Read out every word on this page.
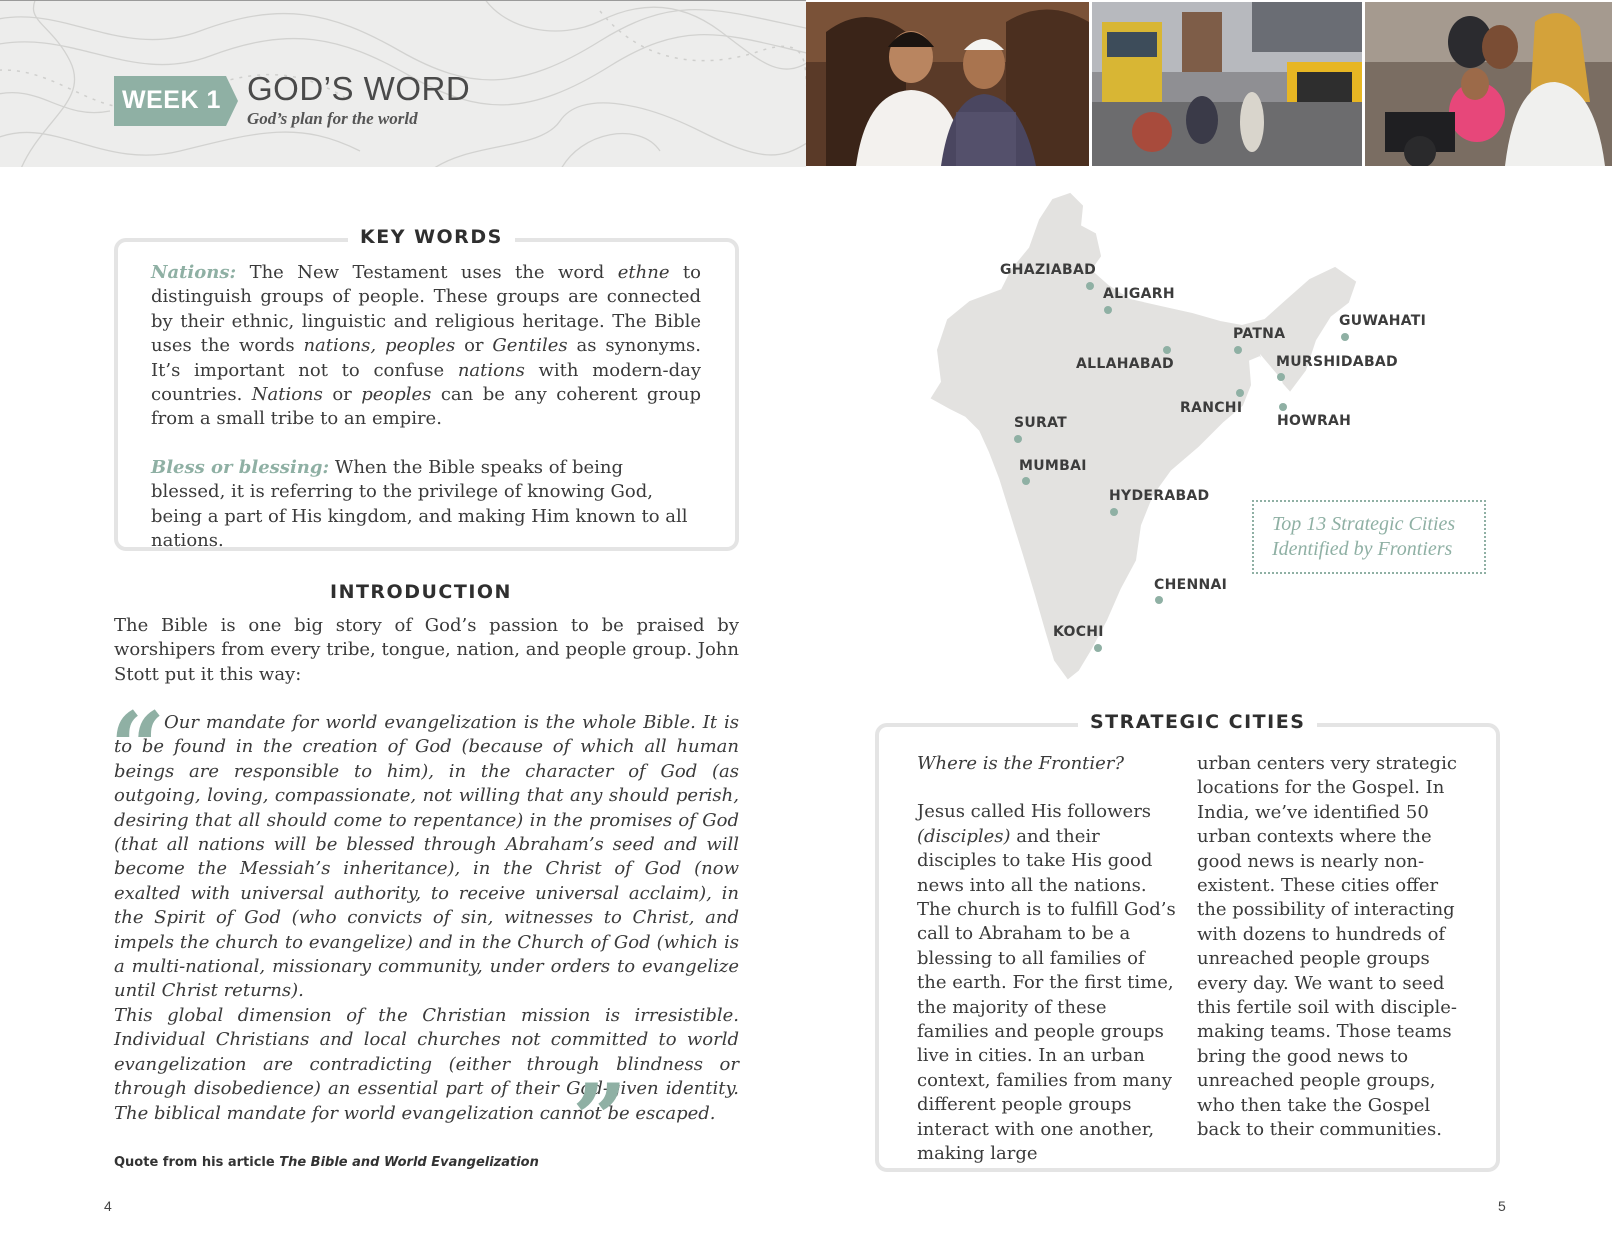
WEEK 1 GOD’S WORD
God’s plan for the world
KEY WORDS
Nations: The New Testament uses the word ethne to distinguish groups of people. These groups are connected by their ethnic, linguistic and religious heritage. The Bible uses the words nations, peoples or Gentiles as synonyms. It’s important not to confuse nations with modern-day countries. Nations or peoples can be any coherent group from a small tribe to an empire.
Bless or blessing: When the Bible speaks of being blessed, it is referring to the privilege of knowing God, being a part of His kingdom, and making Him known to all nations.
INTRODUCTION
The Bible is one big story of God’s passion to be praised by worshipers from every tribe, tongue, nation, and people group. John Stott put it this way:
“
Our mandate for world evangelization is the whole Bible. It is to be found in the creation of God (because of which all human beings are responsible to him), in the character of God (as outgoing, loving, compassionate, not willing that any should perish, desiring that all should come to repentance) in the promises of God (that all nations will be blessed through Abraham’s seed and will become the Messiah’s inheritance), in the Christ of God (now exalted with universal authority, to receive universal acclaim), in the Spirit of God (who convicts of sin, witnesses to Christ, and impels the church to evangelize) and in the Church of God (which is a multi-national, missionary community, under orders to evangelize until Christ returns).
This global dimension of the Christian mission is irresistible. Individual Christians and local churches not committed to world evangelization are contradicting (either through blindness or through disobedience) an essential part of their God-given identity. The biblical mandate for world evangelization cannot be escaped.
”
Quote from his article The Bible and World Evangelization
GHAZIABAD
ALIGARH
PATNA
GUWAHATI
ALLAHABAD	MURSHIDABAD
RANCHI
SURAT	HOWRAH
MUMBAI
HYDERABAD
CHENNAI
KOCHI
Top 13 Strategic Cities Identified by Frontiers
STRATEGIC CITIES
Where is the Frontier?
Jesus called His followers (disciples) and their disciples to take His good news into all the nations. The church is to fulfill God’s call to Abraham to be a blessing to all families of the earth. For the first time, the majority of these families and people groups live in cities. In an urban context, families from many different people groups interact with one another, making large
urban centers very strategic locations for the Gospel. In India, we’ve identified 50 urban contexts where the good news is nearly non-existent. These cities offer the possibility of interacting with dozens to hundreds of unreached people groups every day. We want to seed this fertile soil with disciple-making teams. Those teams bring the good news to unreached people groups, who then take the Gospel back to their communities.
4	5
